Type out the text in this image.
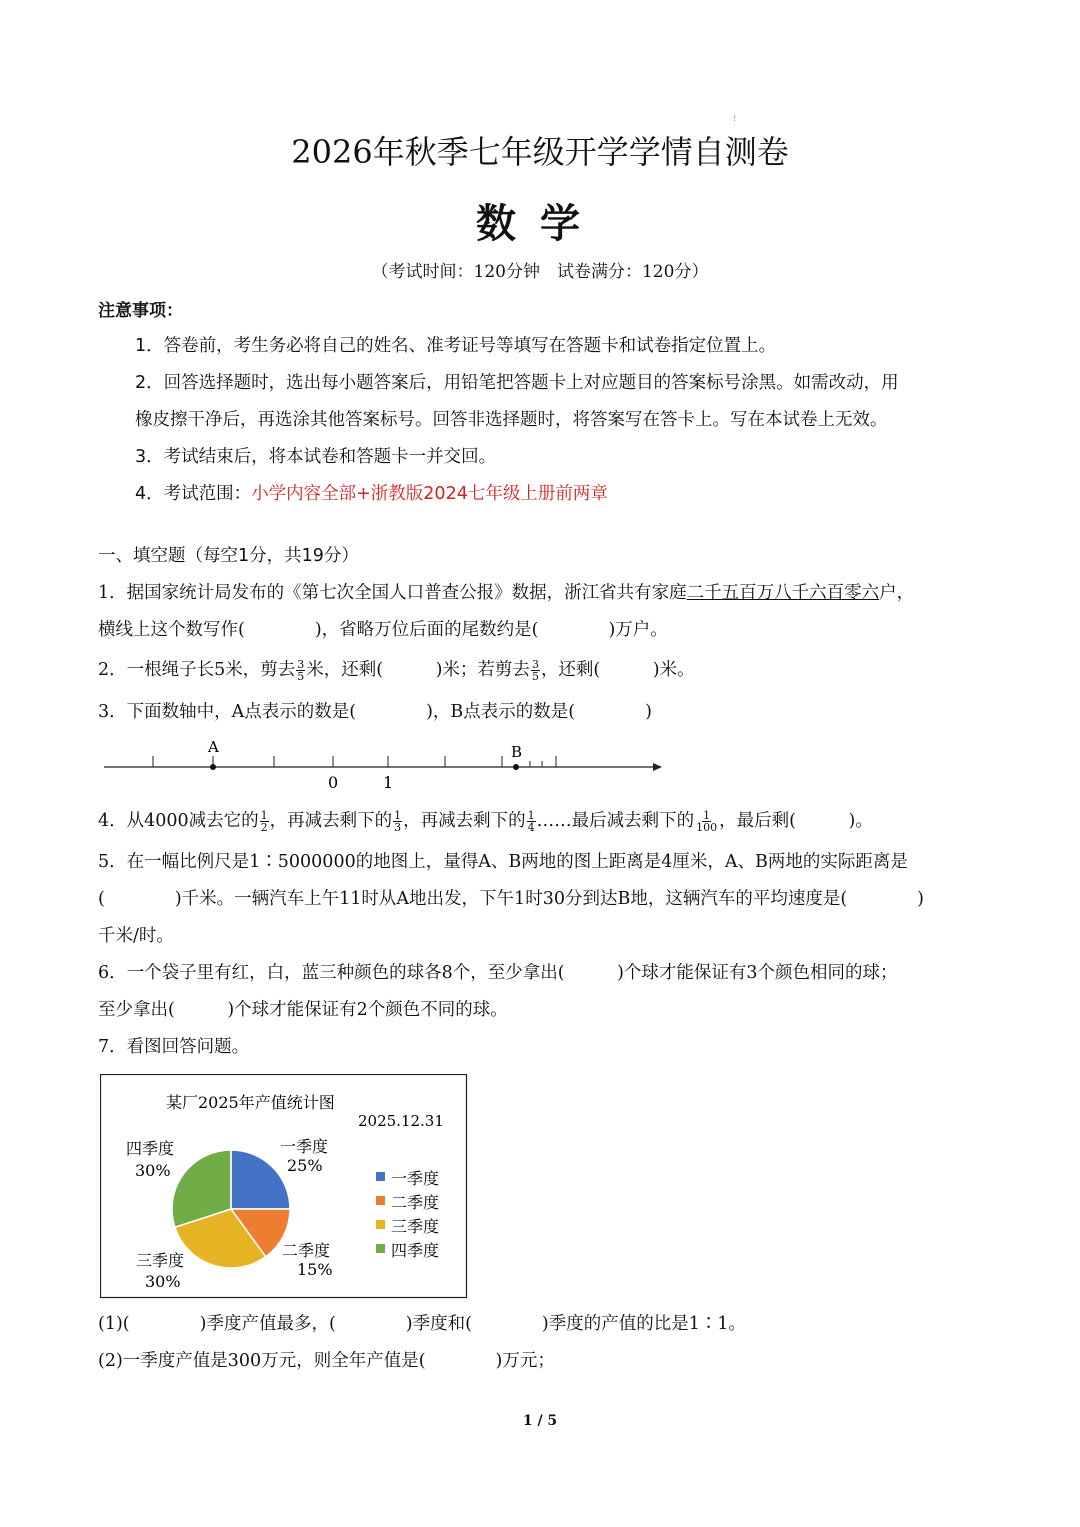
!
2026年秋季七年级开学学情自测卷
数学
（考试时间：120分钟　试卷满分：120分）
注意事项：
1．答卷前，考生务必将自己的姓名、准考证号等填写在答题卡和试卷指定位置上。
2．回答选择题时，选出每小题答案后，用铅笔把答题卡上对应题目的答案标号涂黑。如需改动，用
橡皮擦干净后，再选涂其他答案标号。回答非选择题时，将答案写在答卡上。写在本试卷上无效。
3．考试结束后，将本试卷和答题卡一并交回。
4．考试范围：小学内容全部+浙教版2024七年级上册前两章
一、填空题（每空1分，共19分）
1．据国家统计局发布的《第七次全国人口普查公报》数据，浙江省共有家庭二千五百万八千六百零六户，
横线上这个数写作(　　　　)，省略万位后面的尾数约是(　　　　)万户。
2．一根绳子长5米，剪去 $\frac{3}{5}$ 米，还剩(　　　)米；若剪去 $\frac{3}{5}$ ，还剩(　　　)米。
3．下面数轴中，A点表示的数是(　　　　)，B点表示的数是(　　　　)
A	B
0	1
4．从4000减去它的 $\frac{1}{2}$ ，再减去剩下的 $\frac{1}{3}$ ，再减去剩下的 $\frac{1}{4}$ ……最后减去剩下的 $\frac{1}{100}$ ，最后剩(　　　)。
5．在一幅比例尺是1∶5000000的地图上，量得A、B两地的图上距离是4厘米，A、B两地的实际距离是
(　　　　)千米。一辆汽车上午11时从A地出发，下午1时30分到达B地，这辆汽车的平均速度是(　　　　)
千米/时。
6．一个袋子里有红，白，蓝三种颜色的球各8个，至少拿出(　　　)个球才能保证有3个颜色相同的球；
至少拿出(　　　)个球才能保证有2个颜色不同的球。
7．看图回答问题。
某厂2025年产值统计图
2025.12.31
一季度
25%
二季度
15%
三季度
30%
四季度
30%	一季度
二季度
三季度
四季度
(1)(　　　　)季度产值最多，(　　　　)季度和(　　　　)季度的产值的比是1∶1。
(2)一季度产值是300万元，则全年产值是(　　　　)万元；
1 / 5
